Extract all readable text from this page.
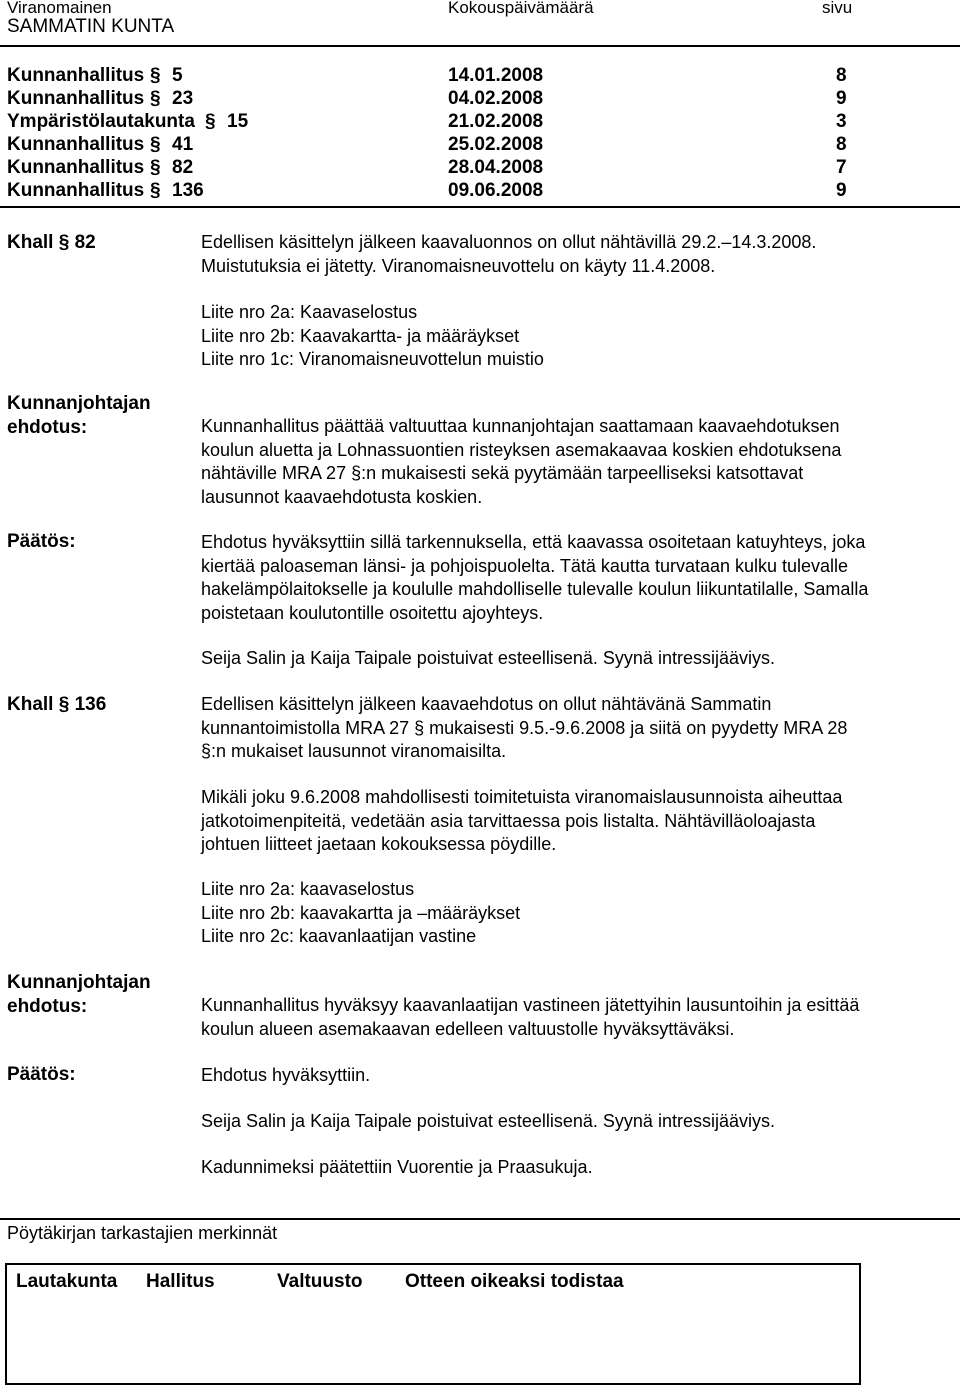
Viranomainen	Kokouspäivämäärä	sivu
SAMMATIN KUNTA
Kunnanhallitus § 5	14.01.2008	8
Kunnanhallitus § 23	04.02.2008	9
Ympäristölautakunta § 15	21.02.2008	3
Kunnanhallitus § 41	25.02.2008	8
Kunnanhallitus § 82	28.04.2008	7
Kunnanhallitus § 136	09.06.2008	9
Khall § 82	Edellisen käsittelyn jälkeen kaavaluonnos on ollut nähtävillä 29.2.–14.3.2008.
Muistutuksia ei jätetty. Viranomaisneuvottelu on käyty 11.4.2008.
Liite nro 2a: Kaavaselostus
Liite nro 2b: Kaavakartta- ja määräykset
Liite nro 1c: Viranomaisneuvottelun muistio
Kunnanjohtajan
ehdotus:	Kunnanhallitus päättää valtuuttaa kunnanjohtajan saattamaan kaavaehdotuksen
koulun aluetta ja Lohnassuontien risteyksen asemakaavaa koskien ehdotuksena
nähtäville MRA 27 §:n mukaisesti sekä pyytämään tarpeelliseksi katsottavat
lausunnot kaavaehdotusta koskien.
Päätös:	Ehdotus hyväksyttiin sillä tarkennuksella, että kaavassa osoitetaan katuyhteys, joka
kiertää paloaseman länsi- ja pohjoispuolelta. Tätä kautta turvataan kulku tulevalle
hakelämpölaitokselle ja koululle mahdolliselle tulevalle koulun liikuntatilalle, Samalla
poistetaan koulutontille osoitettu ajoyhteys.
Seija Salin ja Kaija Taipale poistuivat esteellisenä. Syynä intressijääviys.
Khall § 136	Edellisen käsittelyn jälkeen kaavaehdotus on ollut nähtävänä Sammatin
kunnantoimistolla MRA 27 § mukaisesti 9.5.-9.6.2008 ja siitä on pyydetty MRA 28
§:n mukaiset lausunnot viranomaisilta.
Mikäli joku 9.6.2008 mahdollisesti toimitetuista viranomaislausunnoista aiheuttaa
jatkotoimenpiteitä, vedetään asia tarvittaessa pois listalta. Nähtävilläoloajasta
johtuen liitteet jaetaan kokouksessa pöydille.
Liite nro 2a: kaavaselostus
Liite nro 2b: kaavakartta ja –määräykset
Liite nro 2c: kaavanlaatijan vastine
Kunnanjohtajan
ehdotus:	Kunnanhallitus hyväksyy kaavanlaatijan vastineen jätettyihin lausuntoihin ja esittää
koulun alueen asemakaavan edelleen valtuustolle hyväksyttäväksi.
Päätös:	Ehdotus hyväksyttiin.
Seija Salin ja Kaija Taipale poistuivat esteellisenä. Syynä intressijääviys.
Kadunnimeksi päätettiin Vuorentie ja Praasukuja.
Pöytäkirjan tarkastajien merkinnät
Lautakunta Hallitus	Valtuusto Otteen oikeaksi todistaa
